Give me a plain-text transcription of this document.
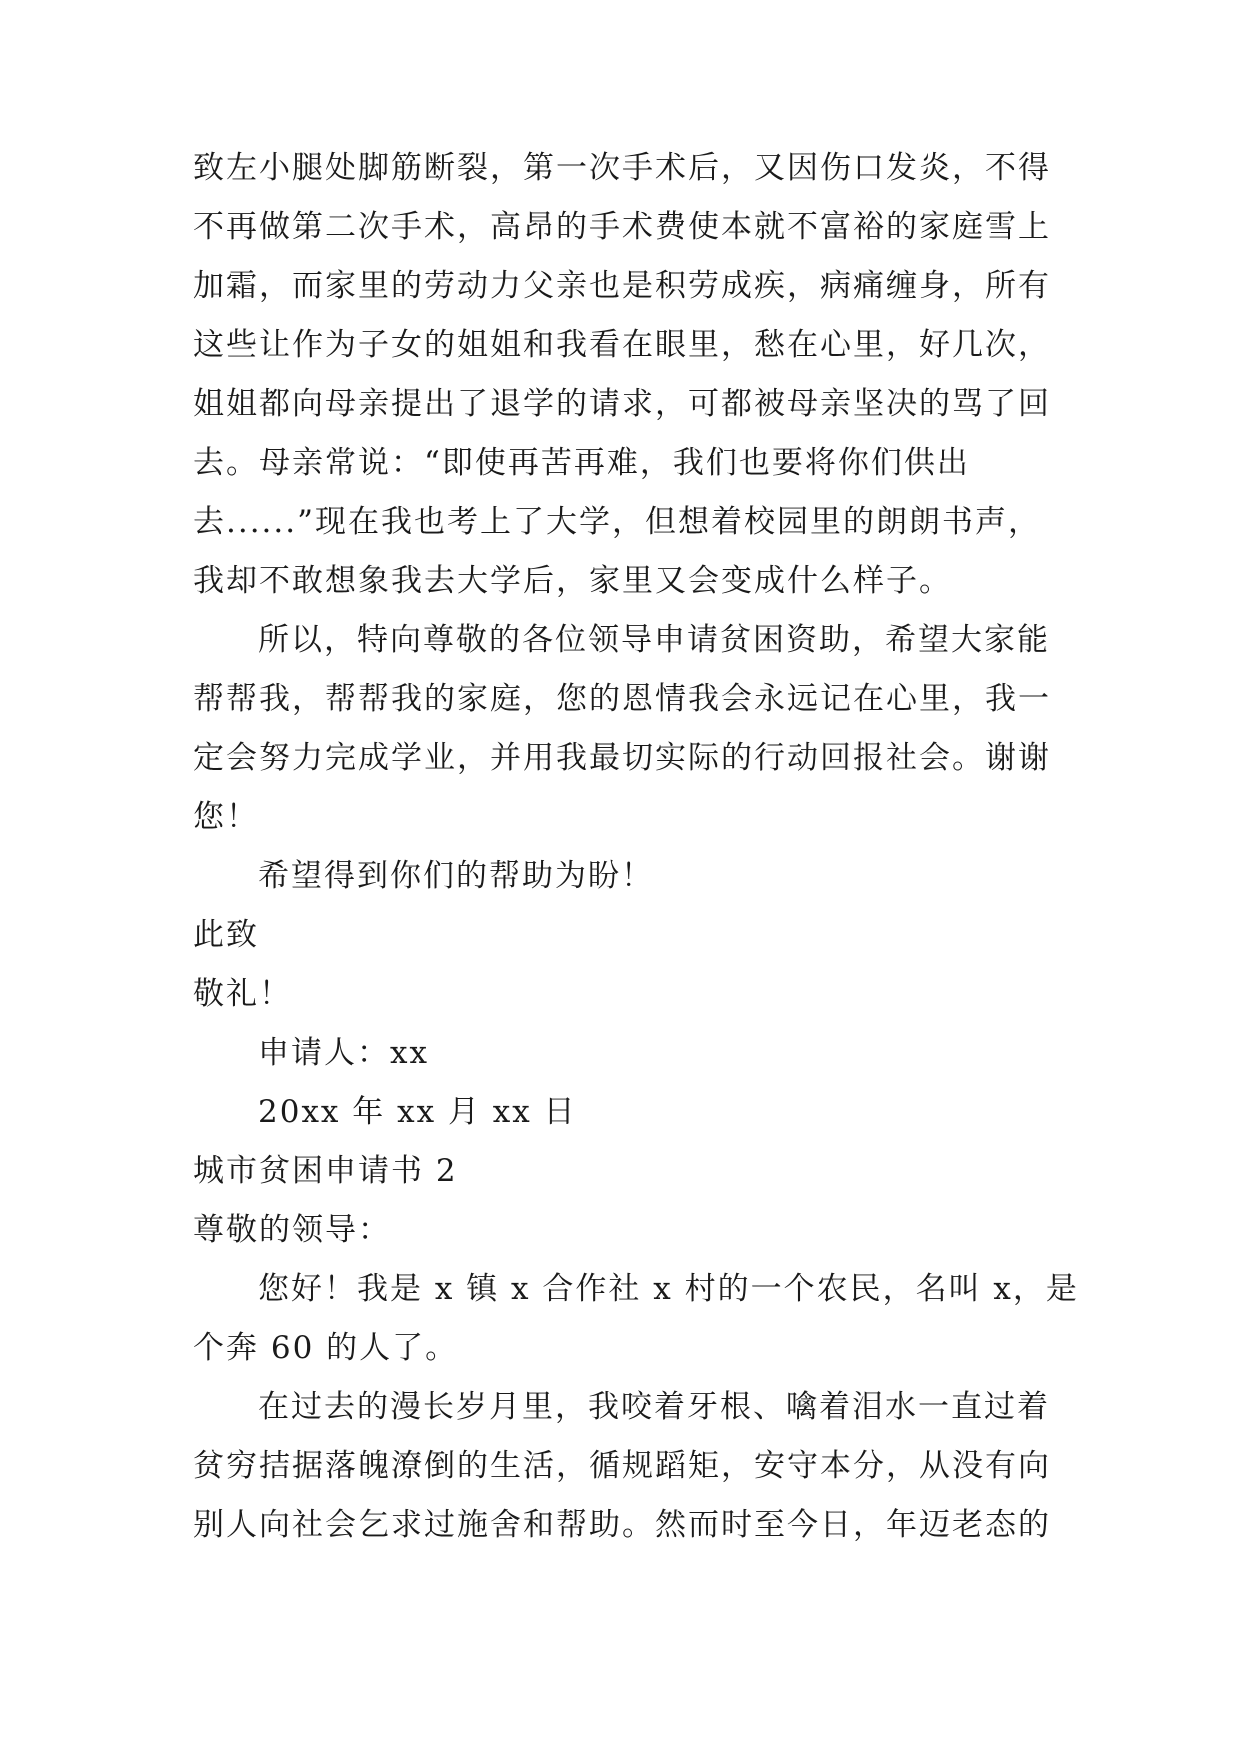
致左小腿处脚筋断裂，第一次手术后，又因伤口发炎，不得
不再做第二次手术，高昂的手术费使本就不富裕的家庭雪上
加霜，而家里的劳动力父亲也是积劳成疾，病痛缠身，所有
这些让作为子女的姐姐和我看在眼里，愁在心里，好几次，
姐姐都向母亲提出了退学的请求，可都被母亲坚决的骂了回
去。母亲常说：“即使再苦再难，我们也要将你们供出
去......”现在我也考上了大学，但想着校园里的朗朗书声，
我却不敢想象我去大学后，家里又会变成什么样子。
所以，特向尊敬的各位领导申请贫困资助，希望大家能
帮帮我，帮帮我的家庭，您的恩情我会永远记在心里，我一
定会努力完成学业，并用我最切实际的行动回报社会。谢谢
您！
希望得到你们的帮助为盼！
此致
敬礼！
申请人：xx
20xx 年 xx 月 xx 日
城市贫困申请书 2
尊敬的领导：
您好！我是 x 镇 x 合作社 x 村的一个农民，名叫 x，是
个奔 60 的人了。
在过去的漫长岁月里，我咬着牙根、噙着泪水一直过着
贫穷拮据落魄潦倒的生活，循规蹈矩，安守本分，从没有向
别人向社会乞求过施舍和帮助。然而时至今日，年迈老态的
